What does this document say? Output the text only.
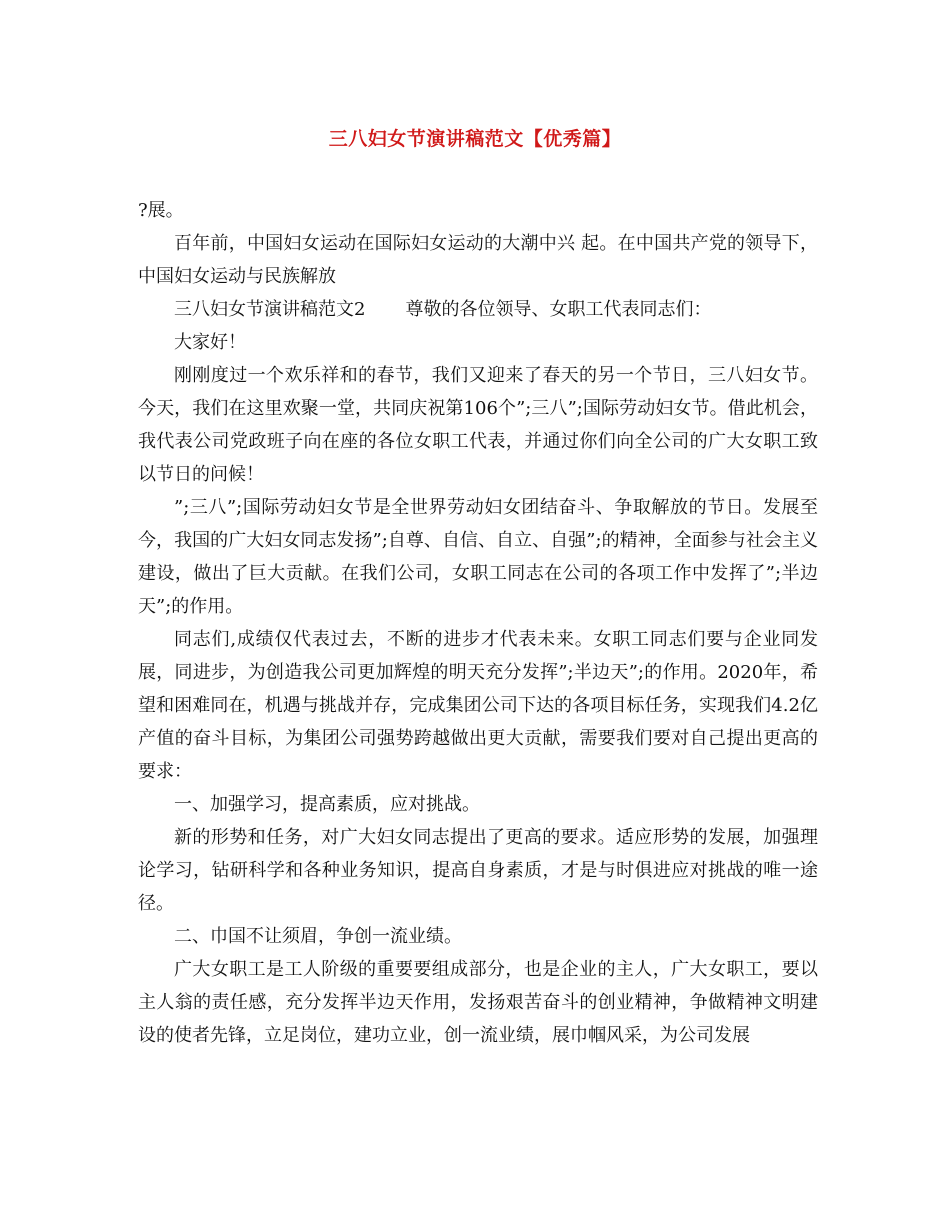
三八妇女节演讲稿范文【优秀篇】

?展。

百年前，中国妇女运动在国际妇女运动的大潮中兴 起。在中国共产党的领导下，中国妇女运动与民族解放

三八妇女节演讲稿范文2 尊敬的各位领导、女职工代表同志们：

大家好！

刚刚度过一个欢乐祥和的春节，我们又迎来了春天的另一个节日，三八妇女节。今天，我们在这里欢聚一堂，共同庆祝第106个”;三八”;国际劳动妇女节。借此机会，我代表公司党政班子向在座的各位女职工代表，并通过你们向全公司的广大女职工致以节日的问候！

”;三八”;国际劳动妇女节是全世界劳动妇女团结奋斗、争取解放的节日。发展至今，我国的广大妇女同志发扬”;自尊、自信、自立、自强”;的精神，全面参与社会主义建设，做出了巨大贡献。在我们公司，女职工同志在公司的各项工作中发挥了”;半边天”;的作用。

同志们,成绩仅代表过去，不断的进步才代表未来。女职工同志们要与企业同发展，同进步，为创造我公司更加辉煌的明天充分发挥”;半边天”;的作用。2020年，希望和困难同在，机遇与挑战并存，完成集团公司下达的各项目标任务，实现我们4.2亿产值的奋斗目标，为集团公司强势跨越做出更大贡献，需要我们要对自己提出更高的要求：

一、加强学习，提高素质，应对挑战。

新的形势和任务，对广大妇女同志提出了更高的要求。适应形势的发展，加强理论学习，钻研科学和各种业务知识，提高自身素质，才是与时俱进应对挑战的唯一途径。

二、巾国不让须眉，争创一流业绩。

广大女职工是工人阶级的重要要组成部分，也是企业的主人，广大女职工，要以主人翁的责任感，充分发挥半边天作用，发扬艰苦奋斗的创业精神，争做精神文明建设的使者先锋，立足岗位，建功立业，创一流业绩，展巾帼风采，为公司发展
